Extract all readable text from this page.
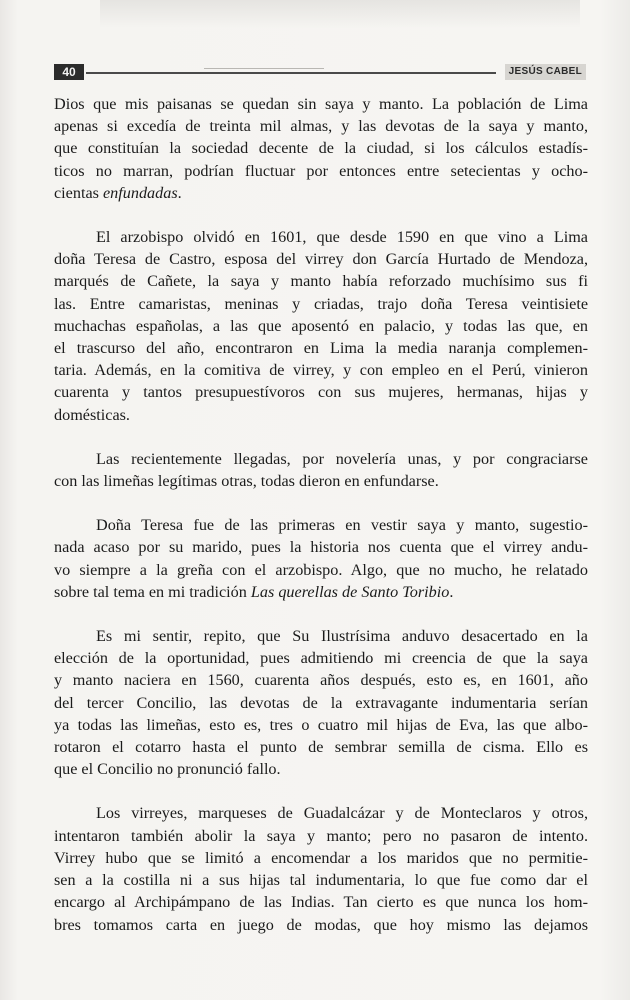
40	JESÚS CABEL

Dios que mis paisanas se quedan sin saya y manto. La población de Lima
apenas si excedía de treinta mil almas, y las devotas de la saya y manto,
que constituían la sociedad decente de la ciudad, si los cálculos estadís-
ticos no marran, podrían fluctuar por entonces entre setecientas y ocho-
cientas enfundadas.

El arzobispo olvidó en 1601, que desde 1590 en que vino a Lima
doña Teresa de Castro, esposa del virrey don García Hurtado de Mendoza,
marqués de Cañete, la saya y manto había reforzado muchísimo sus fi
las. Entre camaristas, meninas y criadas, trajo doña Teresa veintisiete
muchachas españolas, a las que aposentó en palacio, y todas las que, en
el trascurso del año, encontraron en Lima la media naranja complemen-
taria. Además, en la comitiva de virrey, y con empleo en el Perú, vinieron
cuarenta y tantos presupuestívoros con sus mujeres, hermanas, hijas y
domésticas.

Las recientemente llegadas, por novelería unas, y por congraciarse
con las limeñas legítimas otras, todas dieron en enfundarse.

Doña Teresa fue de las primeras en vestir saya y manto, sugestio-
nada acaso por su marido, pues la historia nos cuenta que el virrey andu-
vo siempre a la greña con el arzobispo. Algo, que no mucho, he relatado
sobre tal tema en mi tradición Las querellas de Santo Toribio.

Es mi sentir, repito, que Su Ilustrísima anduvo desacertado en la
elección de la oportunidad, pues admitiendo mi creencia de que la saya
y manto naciera en 1560, cuarenta años después, esto es, en 1601, año
del tercer Concilio, las devotas de la extravagante indumentaria serían
ya todas las limeñas, esto es, tres o cuatro mil hijas de Eva, las que albo-
rotaron el cotarro hasta el punto de sembrar semilla de cisma. Ello es
que el Concilio no pronunció fallo.

Los virreyes, marqueses de Guadalcázar y de Monteclaros y otros,
intentaron también abolir la saya y manto; pero no pasaron de intento.
Virrey hubo que se limitó a encomendar a los maridos que no permitie-
sen a la costilla ni a sus hijas tal indumentaria, lo que fue como dar el
encargo al Archipámpano de las Indias. Tan cierto es que nunca los hom-
bres tomamos carta en juego de modas, que hoy mismo las dejamos
